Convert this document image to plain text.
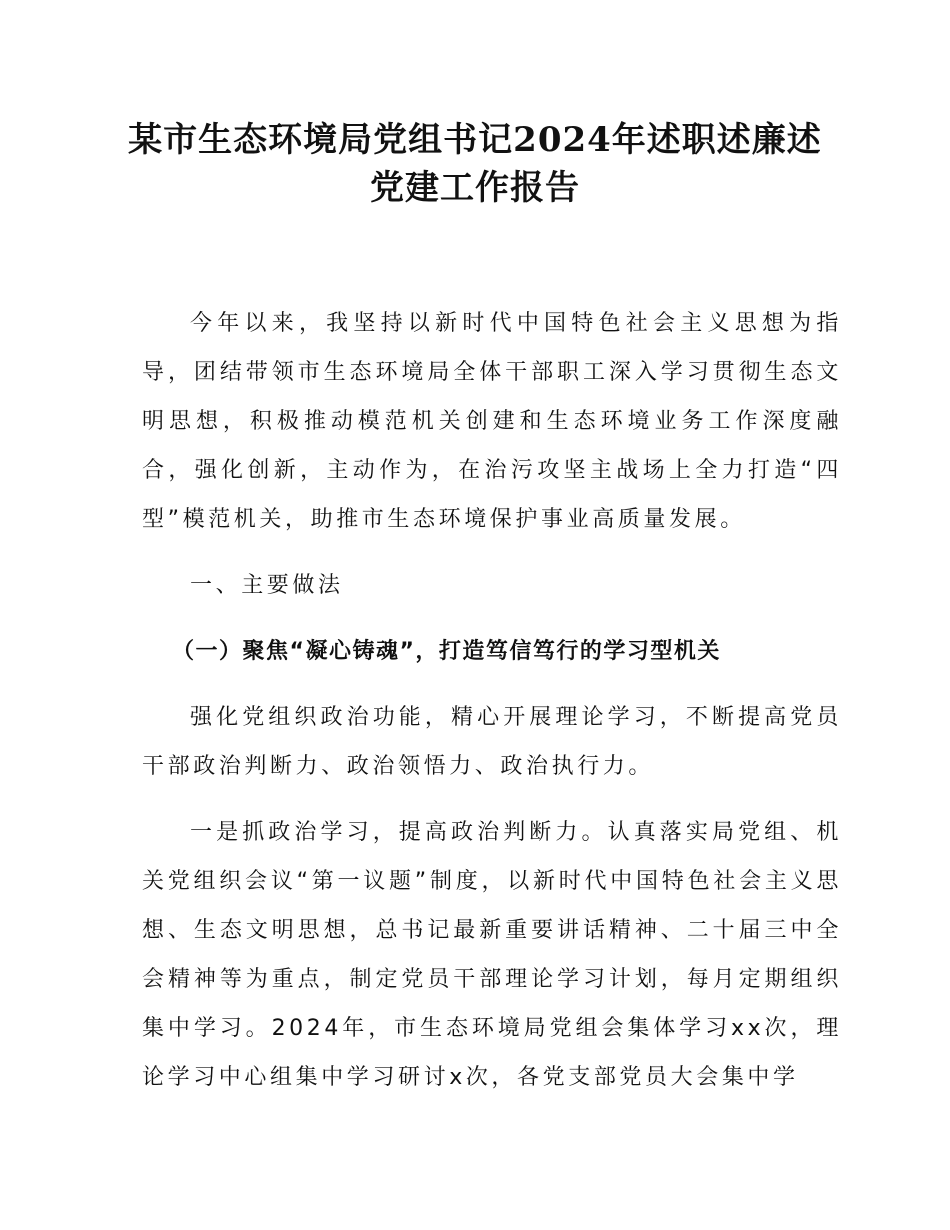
某市生态环境局党组书记2024年述职述廉述
党建工作报告

今年以来，我坚持以新时代中国特色社会主义思想为指导，团结带领市生态环境局全体干部职工深入学习贯彻生态文明思想，积极推动模范机关创建和生态环境业务工作深度融合，强化创新，主动作为，在治污攻坚主战场上全力打造“四型”模范机关，助推市生态环境保护事业高质量发展。

一、主要做法

（一）聚焦“凝心铸魂”，打造笃信笃行的学习型机关

强化党组织政治功能，精心开展理论学习，不断提高党员干部政治判断力、政治领悟力、政治执行力。

一是抓政治学习，提高政治判断力。认真落实局党组、机关党组织会议“第一议题”制度，以新时代中国特色社会主义思想、生态文明思想，总书记最新重要讲话精神、二十届三中全会精神等为重点，制定党员干部理论学习计划，每月定期组织集中学习。2024年，市生态环境局党组会集体学习xx次，理论学习中心组集中学习研讨x次，各党支部党员大会集中学
